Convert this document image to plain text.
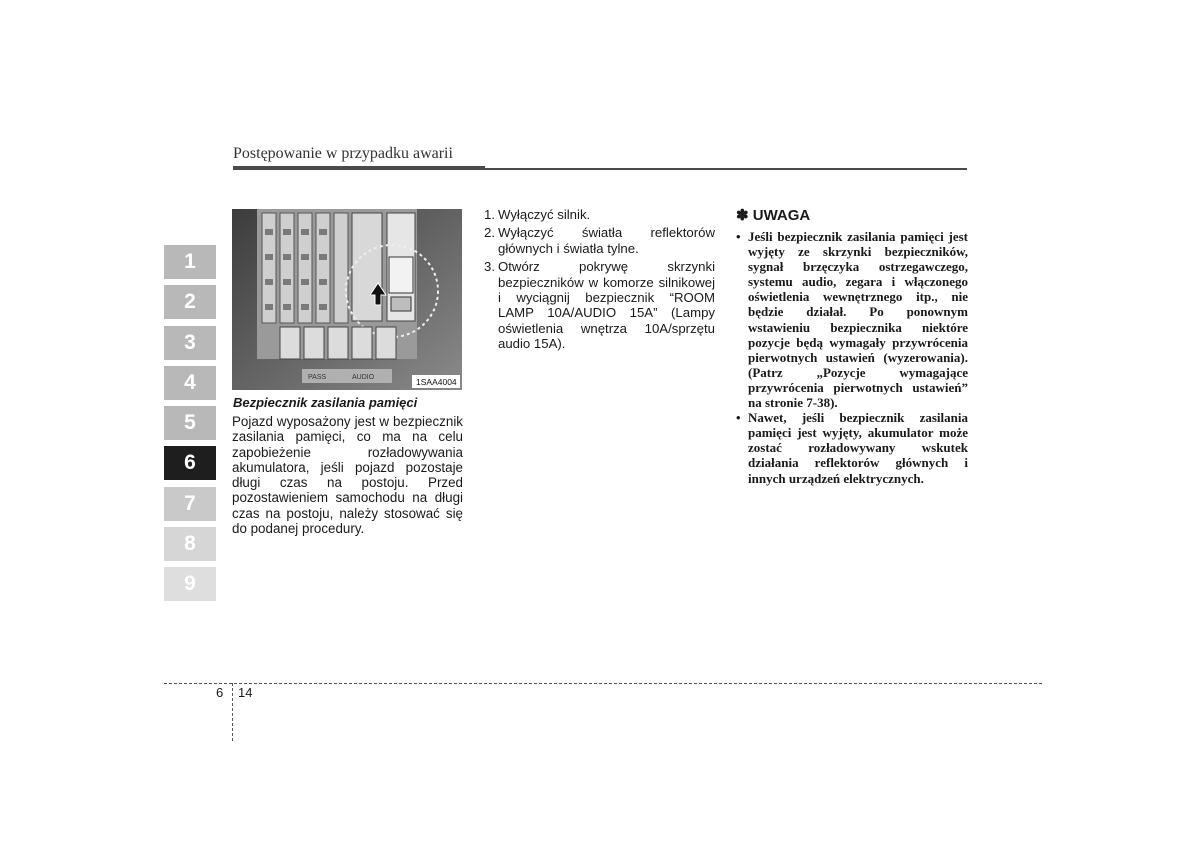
Postępowanie w przypadku awarii
1
2
3
4
5
6
7
8
9
PASS	AUDIO	1SAA4004
Bezpiecznik zasilania pamięci
Pojazd wyposażony jest w bezpiecznik zasilania pamięci, co ma na celu zapobieżenie rozładowywania akumulatora, jeśli pojazd pozostaje długi czas na postoju. Przed pozostawieniem samochodu na długi czas na postoju, należy stosować się do podanej procedury.
1. Wyłączyć silnik.
2. Wyłączyć światła reflektorów głównych i światła tylne.
3. Otwórz pokrywę skrzynki bezpieczników w komorze silnikowej i wyciągnij bezpiecznik “ROOM LAMP 10A/AUDIO 15A” (Lampy oświetlenia wnętrza 10A/sprzętu audio 15A).
✽ UWAGA
• Jeśli bezpiecznik zasilania pamięci jest wyjęty ze skrzynki bezpieczników, sygnał brzęczyka ostrzegawczego, systemu audio, zegara i włączonego oświetlenia wewnętrznego itp., nie będzie działał. Po ponownym wstawieniu bezpiecznika niektóre pozycje będą wymagały przywrócenia pierwotnych ustawień (wyzerowania). (Patrz „Pozycje wymagające przywrócenia pierwotnych ustawień” na stronie 7-38).
• Nawet, jeśli bezpiecznik zasilania pamięci jest wyjęty, akumulator może zostać rozładowywany wskutek działania reflektorów głównych i innych urządzeń elektrycznych.
6 14
